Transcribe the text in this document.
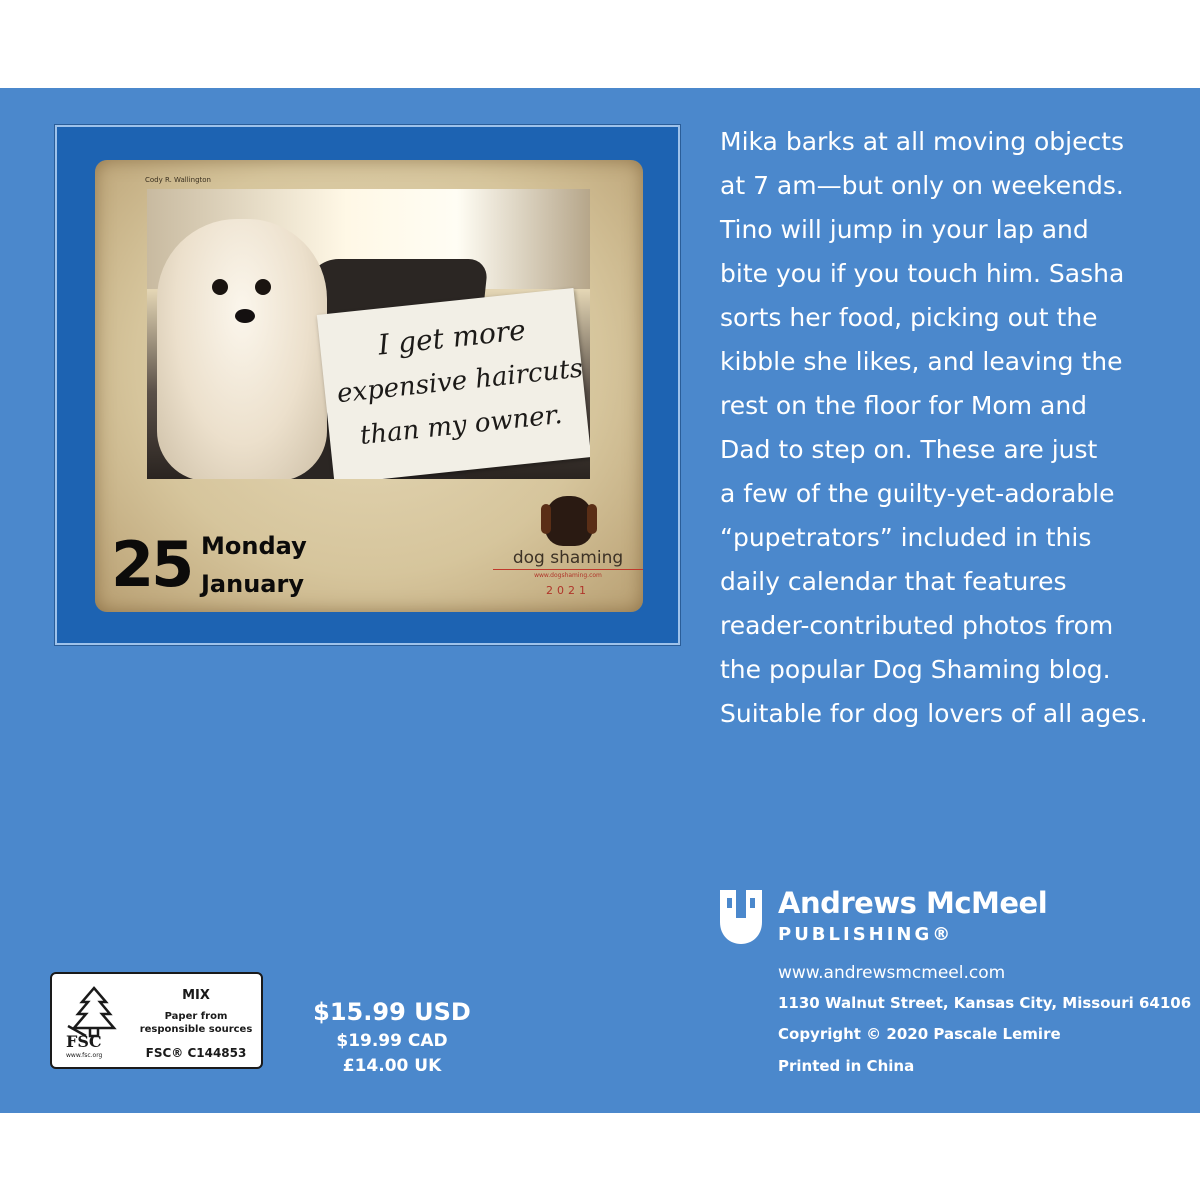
Cody R. Wallington
I get more
expensive haircuts
than my owner.
25 Monday
January
dog shaming
www.dogshaming.com
2021
Mika barks at all moving objects
at 7 am—but only on weekends.
Tino will jump in your lap and
bite you if you touch him. Sasha
sorts her food, picking out the
kibble she likes, and leaving the
rest on the floor for Mom and
Dad to step on. These are just
a few of the guilty-yet-adorable
“pupetrators” included in this
daily calendar that features
reader-contributed photos from
the popular Dog Shaming blog.
Suitable for dog lovers of all ages.
Andrews McMeel
PUBLISHING®
www.andrewsmcmeel.com
1130 Walnut Street, Kansas City, Missouri 64106
Copyright © 2020 Pascale Lemire
Printed in China
FSC
www.fsc.org
MIX
Paper from responsible sources
FSC® C144853
$15.99 USD
$19.99 CAD
£14.00 UK
